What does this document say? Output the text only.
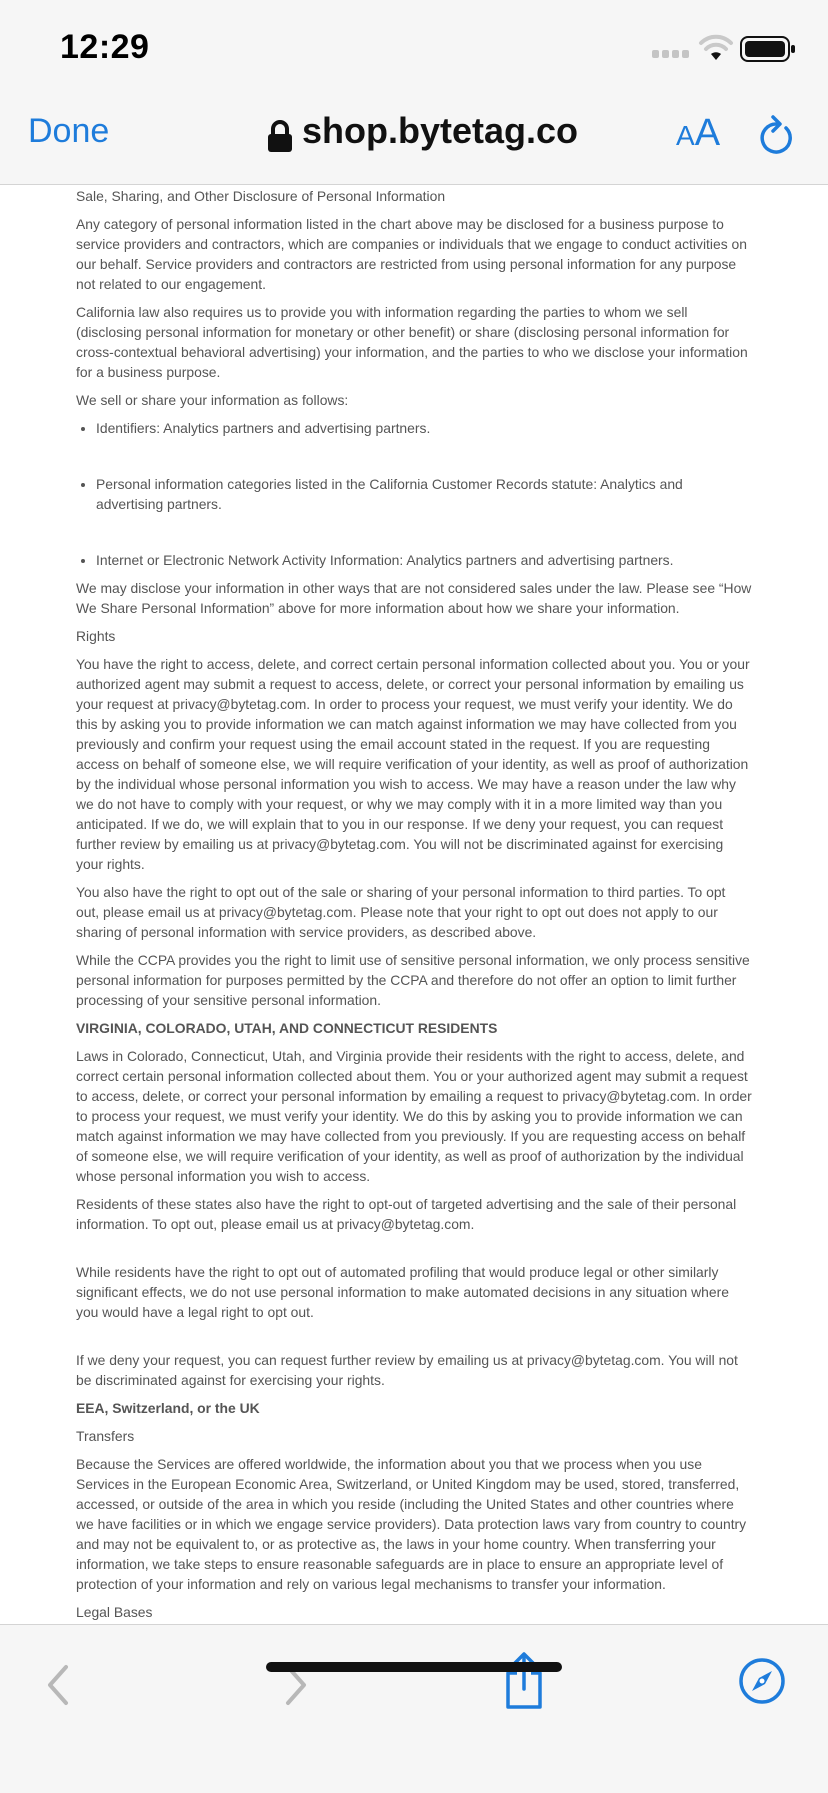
12:29
Done	shop.bytetag.co	AA

Sale, Sharing, and Other Disclosure of Personal Information

Any category of personal information listed in the chart above may be disclosed for a business purpose to service providers and contractors, which are companies or individuals that we engage to conduct activities on our behalf. Service providers and contractors are restricted from using personal information for any purpose not related to our engagement.

California law also requires us to provide you with information regarding the parties to whom we sell (disclosing personal information for monetary or other benefit) or share (disclosing personal information for cross-contextual behavioral advertising) your information, and the parties to who we disclose your information for a business purpose.

We sell or share your information as follows:

• Identifiers: Analytics partners and advertising partners.
• Personal information categories listed in the California Customer Records statute: Analytics and advertising partners.
• Internet or Electronic Network Activity Information: Analytics partners and advertising partners.

We may disclose your information in other ways that are not considered sales under the law. Please see “How We Share Personal Information” above for more information about how we share your information.

Rights

You have the right to access, delete, and correct certain personal information collected about you. You or your authorized agent may submit a request to access, delete, or correct your personal information by emailing us your request at privacy@bytetag.com. In order to process your request, we must verify your identity. We do this by asking you to provide information we can match against information we may have collected from you previously and confirm your request using the email account stated in the request. If you are requesting access on behalf of someone else, we will require verification of your identity, as well as proof of authorization by the individual whose personal information you wish to access. We may have a reason under the law why we do not have to comply with your request, or why we may comply with it in a more limited way than you anticipated. If we do, we will explain that to you in our response. If we deny your request, you can request further review by emailing us at privacy@bytetag.com. You will not be discriminated against for exercising your rights.

You also have the right to opt out of the sale or sharing of your personal information to third parties. To opt out, please email us at privacy@bytetag.com. Please note that your right to opt out does not apply to our sharing of personal information with service providers, as described above.

While the CCPA provides you the right to limit use of sensitive personal information, we only process sensitive personal information for purposes permitted by the CCPA and therefore do not offer an option to limit further processing of your sensitive personal information.

VIRGINIA, COLORADO, UTAH, AND CONNECTICUT RESIDENTS

Laws in Colorado, Connecticut, Utah, and Virginia provide their residents with the right to access, delete, and correct certain personal information collected about them. You or your authorized agent may submit a request to access, delete, or correct your personal information by emailing a request to privacy@bytetag.com. In order to process your request, we must verify your identity. We do this by asking you to provide information we can match against information we may have collected from you previously. If you are requesting access on behalf of someone else, we will require verification of your identity, as well as proof of authorization by the individual whose personal information you wish to access.

Residents of these states also have the right to opt-out of targeted advertising and the sale of their personal information. To opt out, please email us at privacy@bytetag.com.

While residents have the right to opt out of automated profiling that would produce legal or other similarly significant effects, we do not use personal information to make automated decisions in any situation where you would have a legal right to opt out.

If we deny your request, you can request further review by emailing us at privacy@bytetag.com. You will not be discriminated against for exercising your rights.

EEA, Switzerland, or the UK

Transfers

Because the Services are offered worldwide, the information about you that we process when you use Services in the European Economic Area, Switzerland, or United Kingdom may be used, stored, transferred, accessed, or outside of the area in which you reside (including the United States and other countries where we have facilities or in which we engage service providers). Data protection laws vary from country to country and may not be equivalent to, or as protective as, the laws in your home country. When transferring your information, we take steps to ensure reasonable safeguards are in place to ensure an appropriate level of protection of your information and rely on various legal mechanisms to transfer your information.

Legal Bases
